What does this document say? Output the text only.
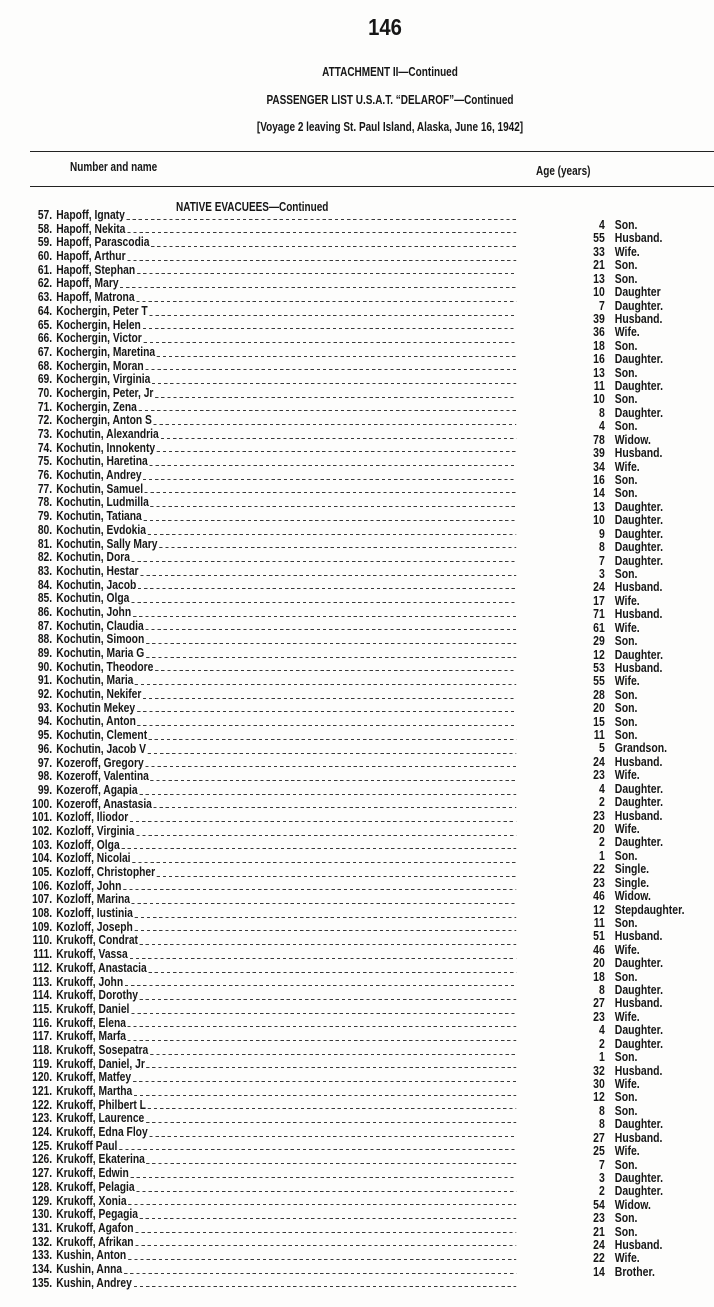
146
ATTACHMENT II—Continued
PASSENGER LIST U.S.A.T. “DELAROF”—Continued
[Voyage 2 leaving St. Paul Island, Alaska, June 16, 1942]
Number and name	Age (years)
NATIVE EVACUEES—Continued
57. Hapoff, Ignaty
58. Hapoff, Nekita
59. Hapoff, Parascodia
60. Hapoff, Arthur
61. Hapoff, Stephan
62. Hapoff, Mary
63. Hapoff, Matrona
64. Kochergin, Peter T
65. Kochergin, Helen
66. Kochergin, Victor
67. Kochergin, Maretina
68. Kochergin, Moran
69. Kochergin, Virginia
70. Kochergin, Peter, Jr
71. Kochergin, Zena
72. Kochergin, Anton S
73. Kochutin, Alexandria
74. Kochutin, Innokenty
75. Kochutin, Haretina
76. Kochutin, Andrey
77. Kochutin, Samuel
78. Kochutin, Ludmilla
79. Kochutin, Tatiana
80. Kochutin, Evdokia
81. Kochutin, Sally Mary
82. Kochutin, Dora
83. Kochutin, Hestar
84. Kochutin, Jacob
85. Kochutin, Olga
86. Kochutin, John
87. Kochutin, Claudia
88. Kochutin, Simoon
89. Kochutin, Maria G
90. Kochutin, Theodore
91. Kochutin, Maria
92. Kochutin, Nekifer
93. Kochutin Mekey
94. Kochutin, Anton
95. Kochutin, Clement
96. Kochutin, Jacob V
97. Kozeroff, Gregory
98. Kozeroff, Valentina
99. Kozeroff, Agapia
100. Kozeroff, Anastasia
101. Kozloff, Iliodor
102. Kozloff, Virginia
103. Kozloff, Olga
104. Kozloff, Nicolai
105. Kozloff, Christopher
106. Kozloff, John
107. Kozloff, Marina
108. Kozloff, Iustinia
109. Kozloff, Joseph
110. Krukoff, Condrat
111. Krukoff, Vassa
112. Krukoff, Anastacia
113. Krukoff, John
114. Krukoff, Dorothy
115. Krukoff, Daniel
116. Krukoff, Elena
117. Krukoff, Marfa
118. Krukoff, Sosepatra
119. Krukoff, Daniel, Jr
120. Krukoff, Matfey
121. Krukoff, Martha
122. Krukoff, Philbert L
123. Krukoff, Laurence
124. Krukoff, Edna Floy
125. Krukoff Paul
126. Krukoff, Ekaterina
127. Krukoff, Edwin
128. Krukoff, Pelagia
129. Krukoff, Xonia
130. Krukoff, Pegagia
131. Krukoff, Agafon
132. Krukoff, Afrikan
133. Kushin, Anton
134. Kushin, Anna
135. Kushin, Andrey
4 Son.
55 Husband.
33 Wife.
21 Son.
13 Son.
10 Daughter
7 Daughter.
39 Husband.
36 Wife.
18 Son.
16 Daughter.
13 Son.
11 Daughter.
10 Son.
8 Daughter.
4 Son.
78 Widow.
39 Husband.
34 Wife.
16 Son.
14 Son.
13 Daughter.
10 Daughter.
9 Daughter.
8 Daughter.
7 Daughter.
3 Son.
24 Husband.
17 Wife.
71 Husband.
61 Wife.
29 Son.
12 Daughter.
53 Husband.
55 Wife.
28 Son.
20 Son.
15 Son.
11 Son.
5 Grandson.
24 Husband.
23 Wife.
4 Daughter.
2 Daughter.
23 Husband.
20 Wife.
2 Daughter.
1 Son.
22 Single.
23 Single.
46 Widow.
12 Stepdaughter.
11 Son.
51 Husband.
46 Wife.
20 Daughter.
18 Son.
8 Daughter.
27 Husband.
23 Wife.
4 Daughter.
2 Daughter.
1 Son.
32 Husband.
30 Wife.
12 Son.
8 Son.
8 Daughter.
27 Husband.
25 Wife.
7 Son.
3 Daughter.
2 Daughter.
54 Widow.
23 Son.
21 Son.
24 Husband.
22 Wife.
14 Brother.
